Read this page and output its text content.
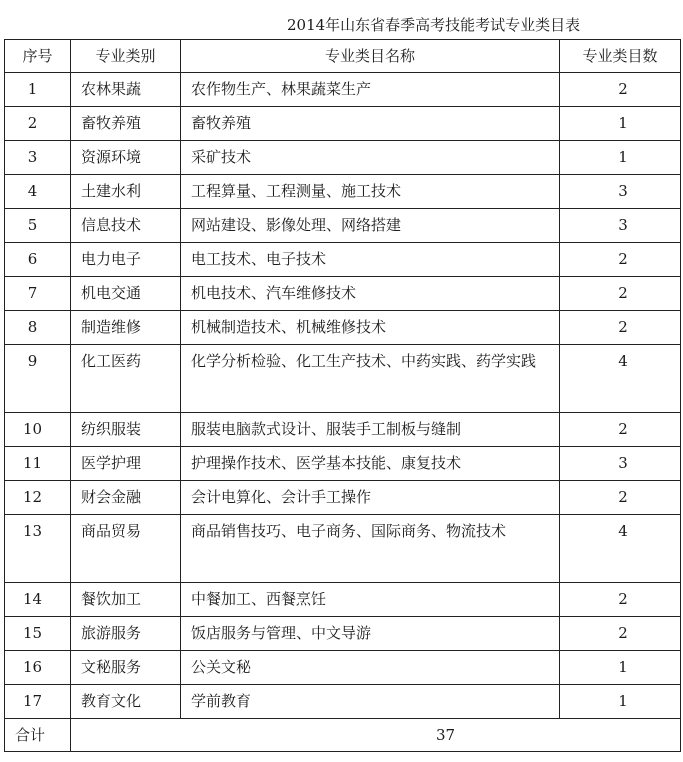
2014年山东省春季高考技能考试专业类目表
序号	专业类别	专业类目名称	专业类目数
1	农林果蔬	农作物生产、林果蔬菜生产	2
2	畜牧养殖	畜牧养殖	1
3	资源环境	采矿技术	1
4	土建水利	工程算量、工程测量、施工技术	3
5	信息技术	网站建设、影像处理、网络搭建	3
6	电力电子	电工技术、电子技术	2
7	机电交通	机电技术、汽车维修技术	2
8	制造维修	机械制造技术、机械维修技术	2
9	化工医药	化学分析检验、化工生产技术、中药实践、药学实践	4
10	纺织服装	服装电脑款式设计、服装手工制板与缝制	2
11	医学护理	护理操作技术、医学基本技能、康复技术	3
12	财会金融	会计电算化、会计手工操作	2
13	商品贸易	商品销售技巧、电子商务、国际商务、物流技术	4
14	餐饮加工	中餐加工、西餐烹饪	2
15	旅游服务	饭店服务与管理、中文导游	2
16	文秘服务	公关文秘	1
17	教育文化	学前教育	1
合计	37		
